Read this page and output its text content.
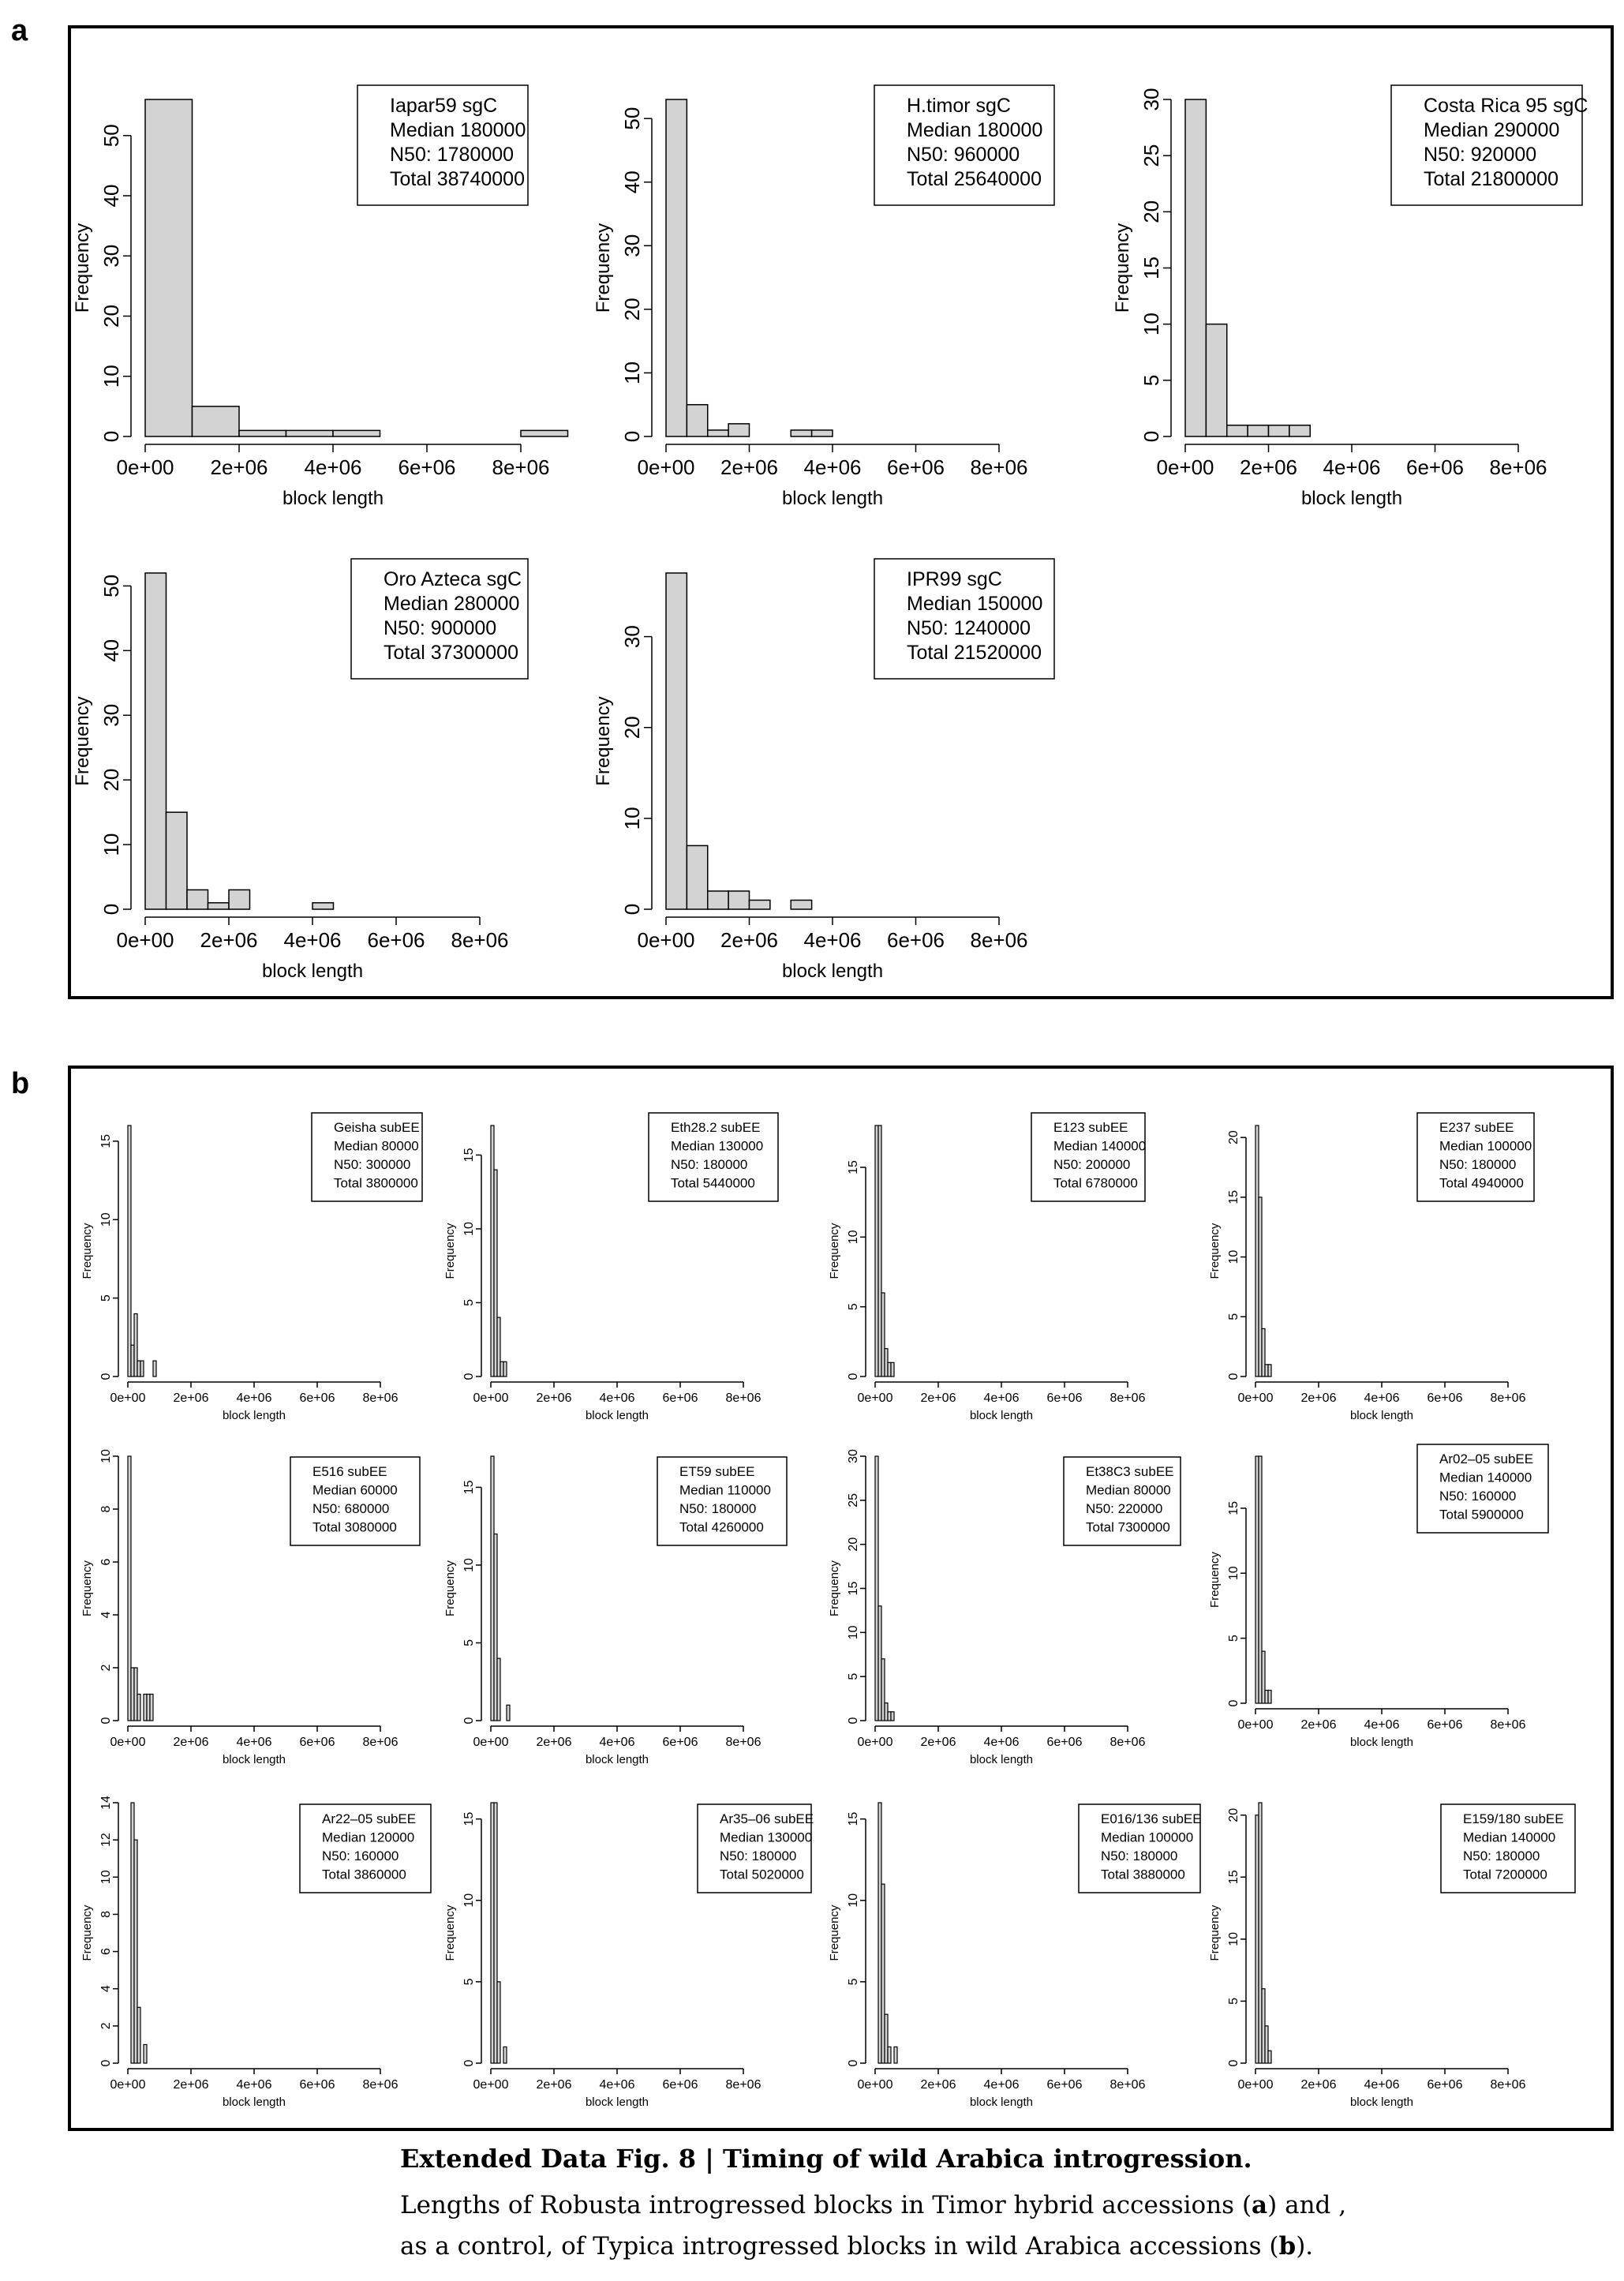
a
b
0e+00 2e+06 4e+06 6e+06 8e+06
block length
0
10
20
30
40
50
Frequency
Iapar59 sgC
Median 180000
N50: 1780000
Total 38740000
0e+00 2e+06 4e+06 6e+06 8e+06
block length
0
10
20
30
40
50
Frequency
H.timor sgC
Median 180000
N50: 960000
Total 25640000
0e+00 2e+06 4e+06 6e+06 8e+06
block length
0
5
10
15
20
25
30
Frequency
Costa Rica 95 sgC
Median 290000
N50: 920000
Total 21800000
0e+00 2e+06 4e+06 6e+06 8e+06
block length
0
10
20
30
40
50
Frequency
Oro Azteca sgC
Median 280000
N50: 900000
Total 37300000
0e+00 2e+06 4e+06 6e+06 8e+06
block length
0
10
20
30
Frequency
IPR99 sgC
Median 150000
N50: 1240000
Total 21520000
0e+00 2e+06 4e+06 6e+06 8e+06
block length
0
5
10
15
Frequency
Geisha subEE
Median 80000
N50: 300000
Total 3800000
0e+00 2e+06 4e+06 6e+06 8e+06
block length
0
5
10
15
Frequency
Eth28.2 subEE
Median 130000
N50: 180000
Total 5440000
0e+00 2e+06 4e+06 6e+06 8e+06
block length
0
5
10
15
Frequency
E123 subEE
Median 140000
N50: 200000
Total 6780000
0e+00 2e+06 4e+06 6e+06 8e+06
block length
0
5
10
15
20
Frequency
E237 subEE
Median 100000
N50: 180000
Total 4940000
0e+00 2e+06 4e+06 6e+06 8e+06
block length
0
2
4
6
8
10
Frequency
E516 subEE
Median 60000
N50: 680000
Total 3080000
0e+00 2e+06 4e+06 6e+06 8e+06
block length
0
5
10
15
Frequency
ET59 subEE
Median 110000
N50: 180000
Total 4260000
0e+00 2e+06 4e+06 6e+06 8e+06
block length
0
5
10
15
20
25
30
Frequency
Et38C3 subEE
Median 80000
N50: 220000
Total 7300000
0e+00 2e+06 4e+06 6e+06 8e+06
block length
0
5
10
15
Frequency
Ar02–05 subEE
Median 140000
N50: 160000
Total 5900000
0e+00 2e+06 4e+06 6e+06 8e+06
block length
0
2
4
6
8
10
12
14
Frequency
Ar22–05 subEE
Median 120000
N50: 160000
Total 3860000
0e+00 2e+06 4e+06 6e+06 8e+06
block length
0
5
10
15
Frequency
Ar35–06 subEE
Median 130000
N50: 180000
Total 5020000
0e+00 2e+06 4e+06 6e+06 8e+06
block length
0
5
10
15
Frequency
E016/136 subEE
Median 100000
N50: 180000
Total 3880000
0e+00 2e+06 4e+06 6e+06 8e+06
block length
0
5
10
15
20
Frequency
E159/180 subEE
Median 140000
N50: 180000
Total 7200000
Extended Data Fig. 8 | Timing of wild Arabica introgression.
Lengths of Robusta introgressed blocks in Timor hybrid accessions (a) and ,
as a control, of Typica introgressed blocks in wild Arabica accessions (b).
